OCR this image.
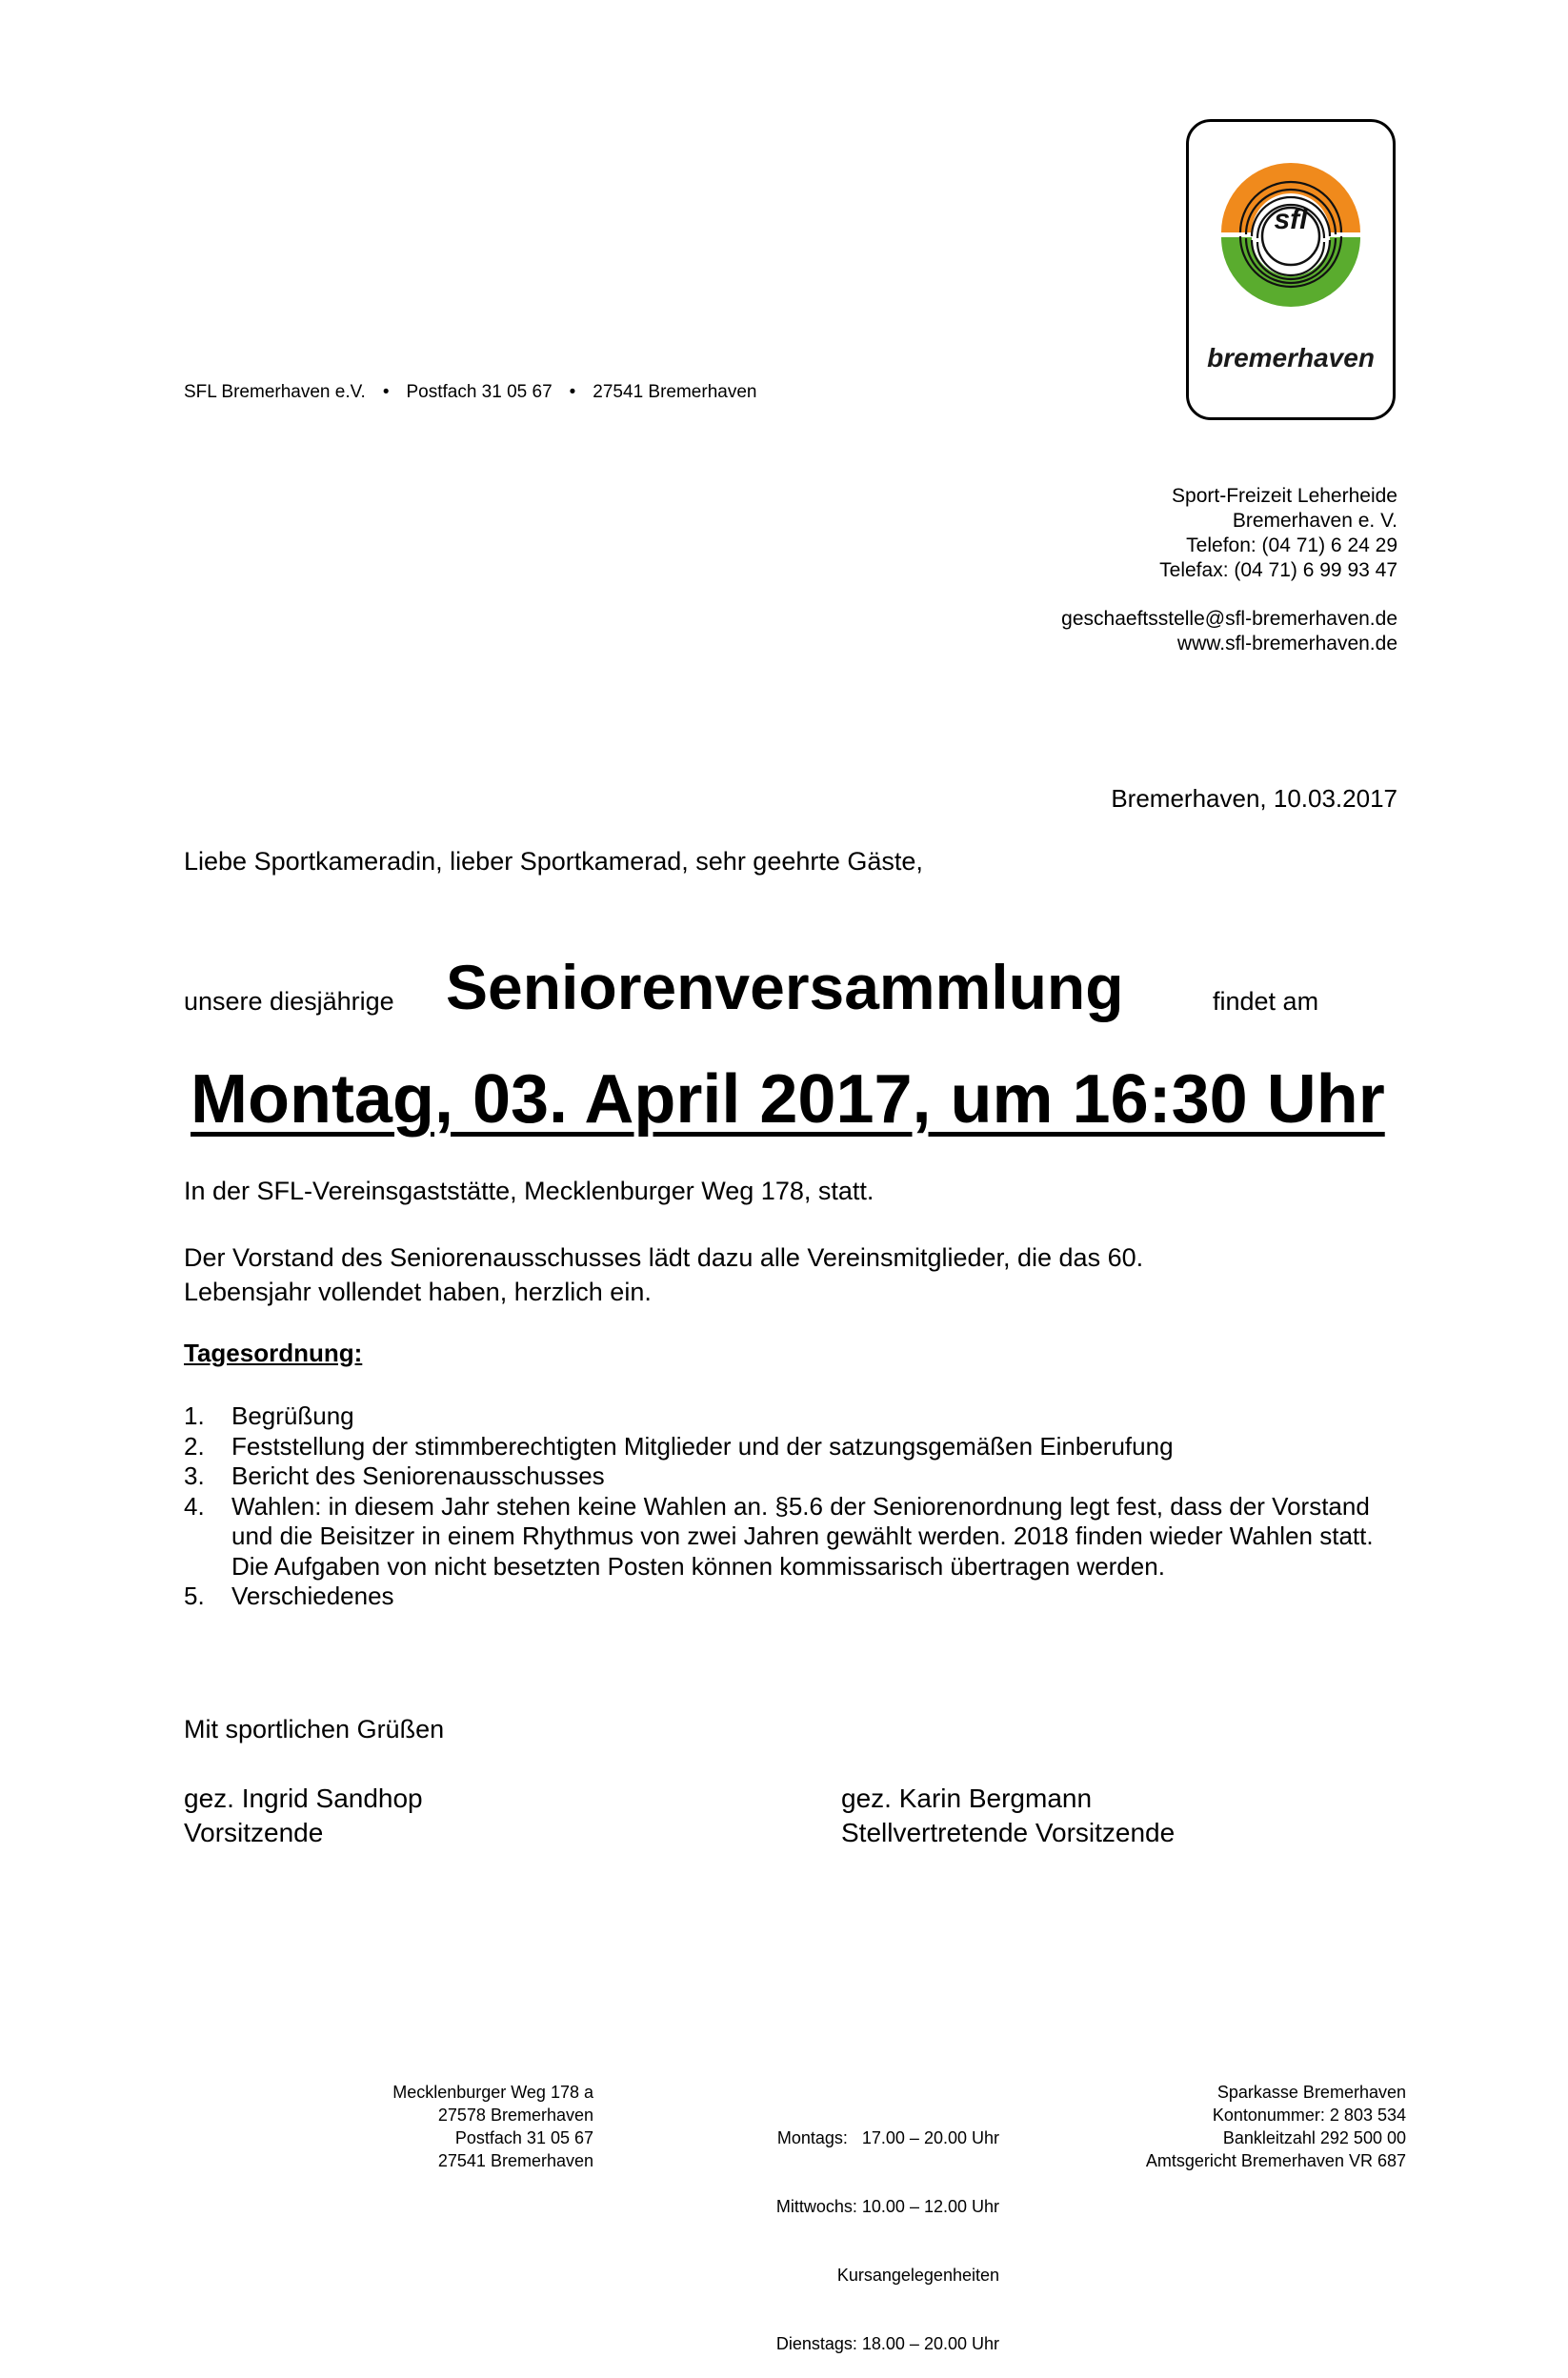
sfl
bremerhaven
SFL Bremerhaven e.V. • Postfach 31 05 67 • 27541 Bremerhaven
Sport-Freizeit Leherheide
Bremerhaven e. V.
Telefon: (04 71) 6 24 29
Telefax: (04 71) 6 99 93 47
geschaeftsstelle@sfl-bremerhaven.de
www.sfl-bremerhaven.de
Bremerhaven, 10.03.2017
Liebe Sportkameradin, lieber Sportkamerad, sehr geehrte Gäste,
unsere diesjährige Seniorenversammlung	findet am
Montag, 03. April 2017, um 16:30 Uhr
In der SFL-Vereinsgaststätte, Mecklenburger Weg 178, statt.
Der Vorstand des Seniorenausschusses lädt dazu alle Vereinsmitglieder, die das 60.
Lebensjahr vollendet haben, herzlich ein.
Tagesordnung:
1. Begrüßung
2. Feststellung der stimmberechtigten Mitglieder und der satzungsgemäßen Einberufung
3. Bericht des Seniorenausschusses
4. Wahlen: in diesem Jahr stehen keine Wahlen an. §5.6 der Seniorenordnung legt fest, dass der Vorstand und die Beisitzer in einem Rhythmus von zwei Jahren gewählt werden. 2018 finden wieder Wahlen statt. Die Aufgaben von nicht besetzten Posten können kommissarisch übertragen werden.
5. Verschiedenes
Mit sportlichen Grüßen
gez. Ingrid Sandhop
Vorsitzende
gez. Karin Bergmann
Stellvertretende Vorsitzende
Mecklenburger Weg 178 a
27578 Bremerhaven
Postfach 31 05 67
27541 Bremerhaven

Montags:   17.00 – 20.00 Uhr

Mittwochs: 10.00 – 12.00 Uhr

Kursangelegenheiten

Dienstags: 18.00 – 20.00 Uhr

Sparkasse Bremerhaven
Kontonummer: 2 803 534
Bankleitzahl 292 500 00
Amtsgericht Bremerhaven VR 687
